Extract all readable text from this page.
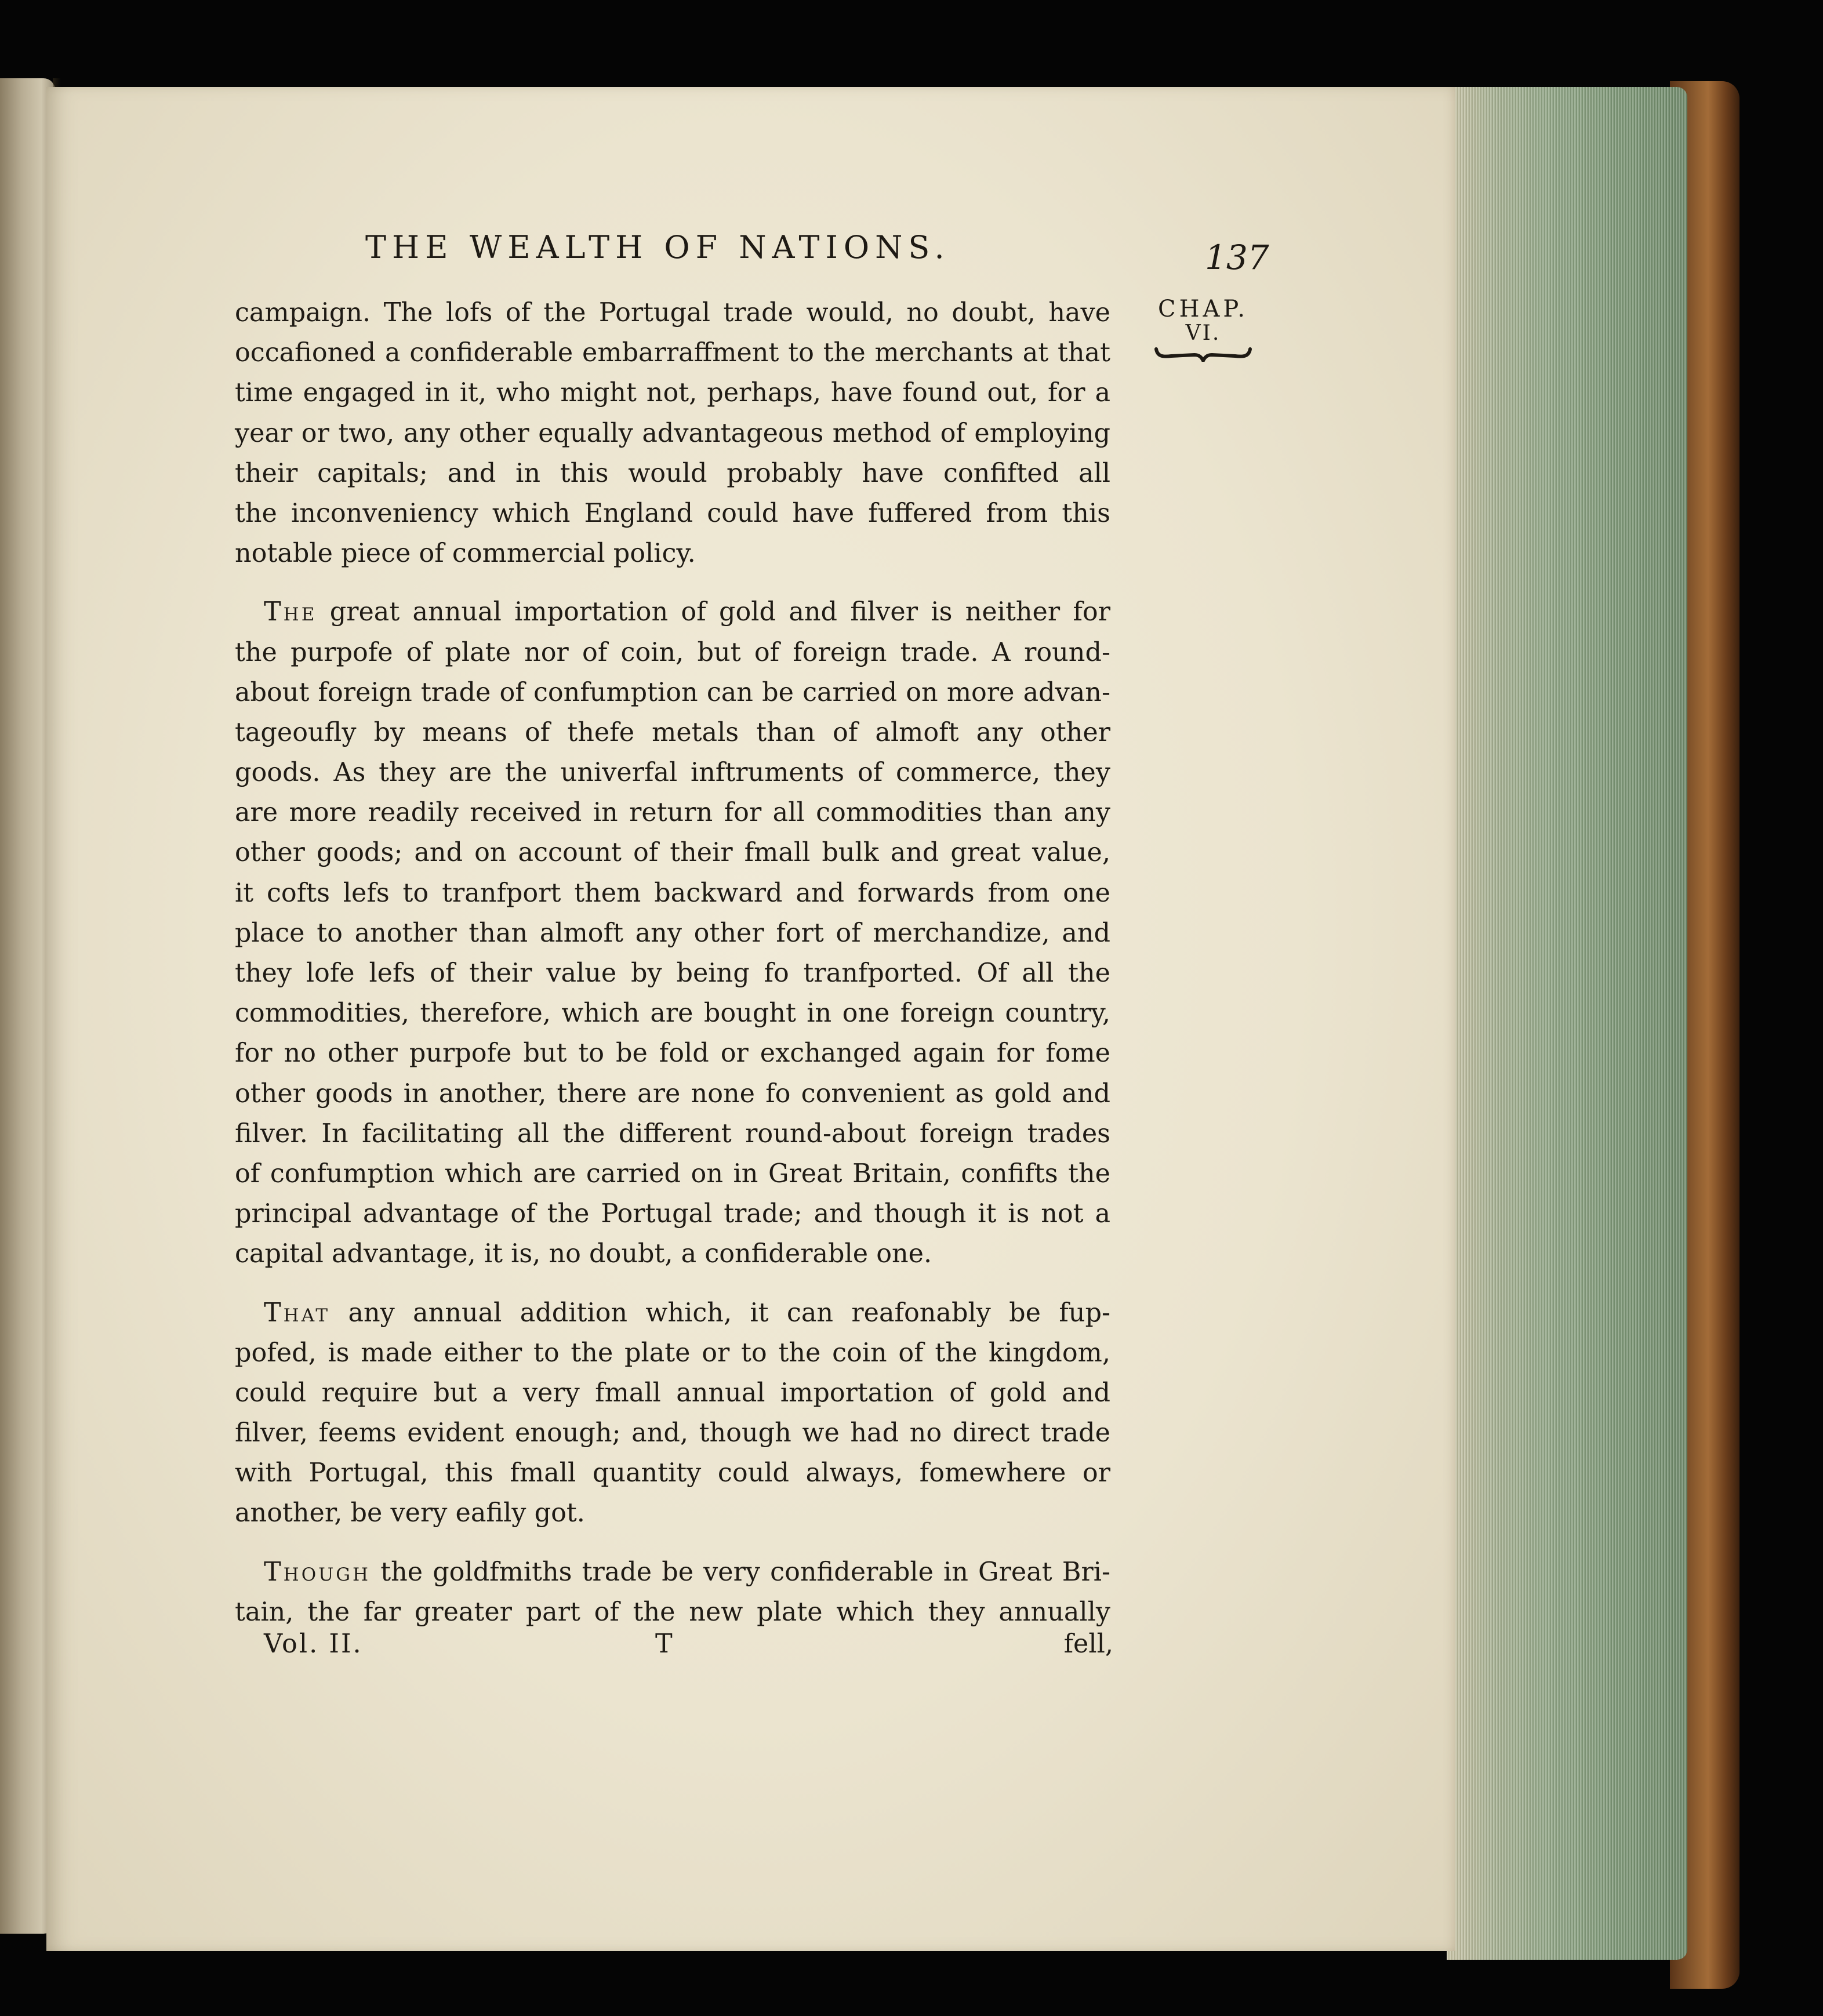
THE WEALTH OF NATIONS.	137
CHAP.
VI.
campaign. The lofs of the Portugal trade would, no doubt, have
occafioned a confiderable embarraffment to the merchants at that
time engaged in it, who might not, perhaps, have found out, for a
year or two, any other equally advantageous method of employing
their capitals; and in this would probably have confifted all
the inconveniency which England could have fuffered from this
notable piece of commercial policy.
The great annual importation of gold and filver is neither for
the purpofe of plate nor of coin, but of foreign trade. A round-
about foreign trade of confumption can be carried on more advan-
tageoufly by means of thefe metals than of almoft any other
goods. As they are the univerfal inftruments of commerce, they
are more readily received in return for all commodities than any
other goods; and on account of their fmall bulk and great value,
it cofts lefs to tranfport them backward and forwards from one
place to another than almoft any other fort of merchandize, and
they lofe lefs of their value by being fo tranfported. Of all the
commodities, therefore, which are bought in one foreign country,
for no other purpofe but to be fold or exchanged again for fome
other goods in another, there are none fo convenient as gold and
filver. In facilitating all the different round-about foreign trades
of confumption which are carried on in Great Britain, confifts the
principal advantage of the Portugal trade; and though it is not a
capital advantage, it is, no doubt, a confiderable one.
That any annual addition which, it can reafonably be fup-
pofed, is made either to the plate or to the coin of the kingdom,
could require but a very fmall annual importation of gold and
filver, feems evident enough; and, though we had no direct trade
with Portugal, this fmall quantity could always, fomewhere or
another, be very eafily got.
Though the goldfmiths trade be very confiderable in Great Bri-
tain, the far greater part of the new plate which they annually
Vol. II.	T	fell,
